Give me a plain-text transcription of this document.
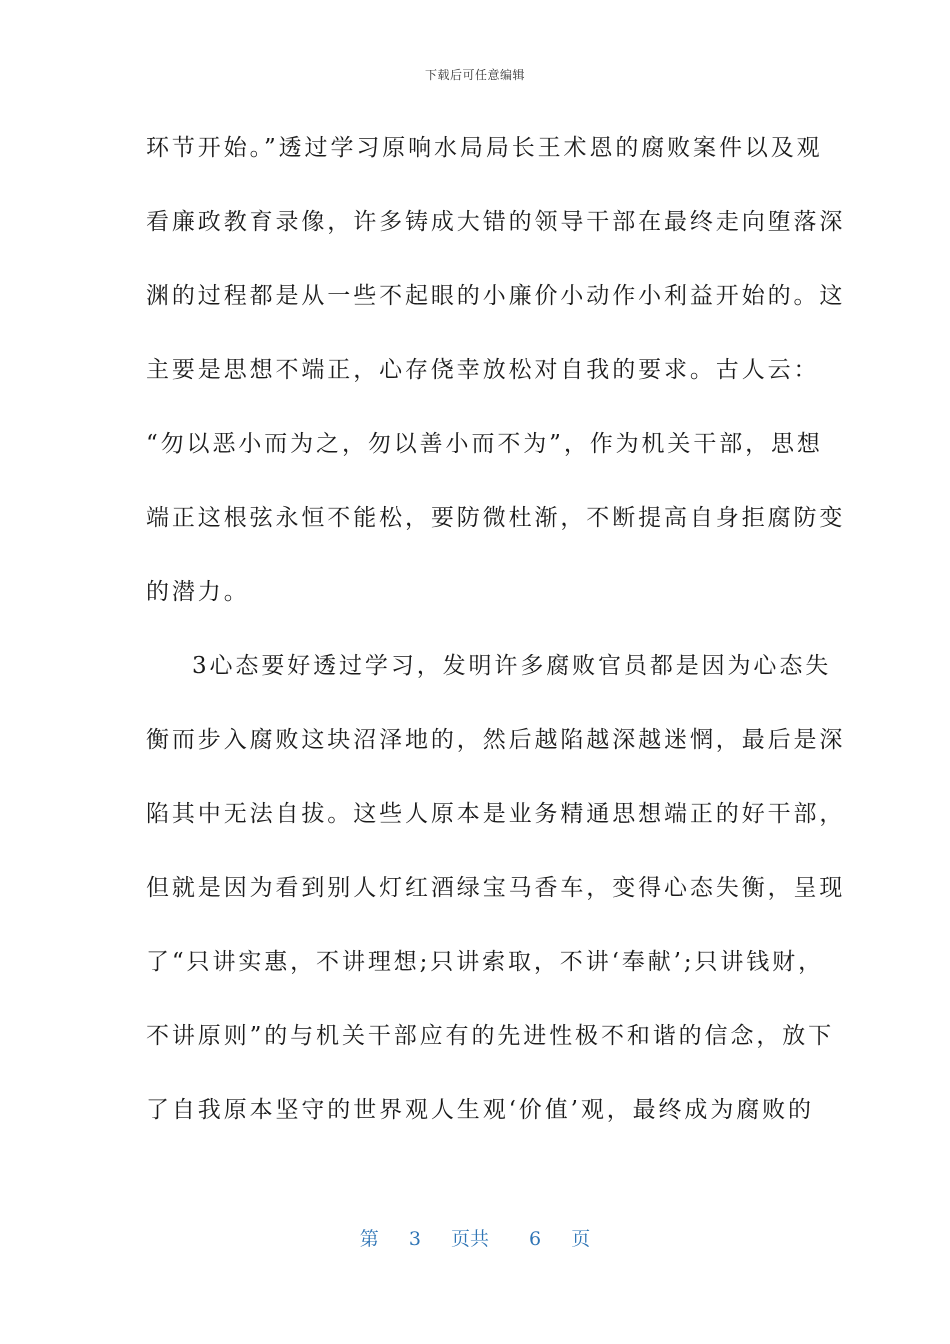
下载后可任意编辑
环节开始。”透过学习原响水局局长王术恩的腐败案件以及观
看廉政教育录像，许多铸成大错的领导干部在最终走向堕落深
渊的过程都是从一些不起眼的小廉价小动作小利益开始的。这
主要是思想不端正，心存侥幸放松对自我的要求。古人云：
“勿以恶小而为之，勿以善小而不为”，作为机关干部，思想
端正这根弦永恒不能松，要防微杜渐，不断提高自身拒腐防变
的潜力。
3心态要好透过学习，发明许多腐败官员都是因为心态失
衡而步入腐败这块沼泽地的，然后越陷越深越迷惘，最后是深
陷其中无法自拔。这些人原本是业务精通思想端正的好干部，
但就是因为看到别人灯红酒绿宝马香车，变得心态失衡，呈现
了“只讲实惠，不讲理想;只讲索取，不讲‘奉献’;只讲钱财，
不讲原则”的与机关干部应有的先进性极不和谐的信念，放下
了自我原本坚守的世界观人生观‘价值’观，最终成为腐败的
第 3 页共 6 页
